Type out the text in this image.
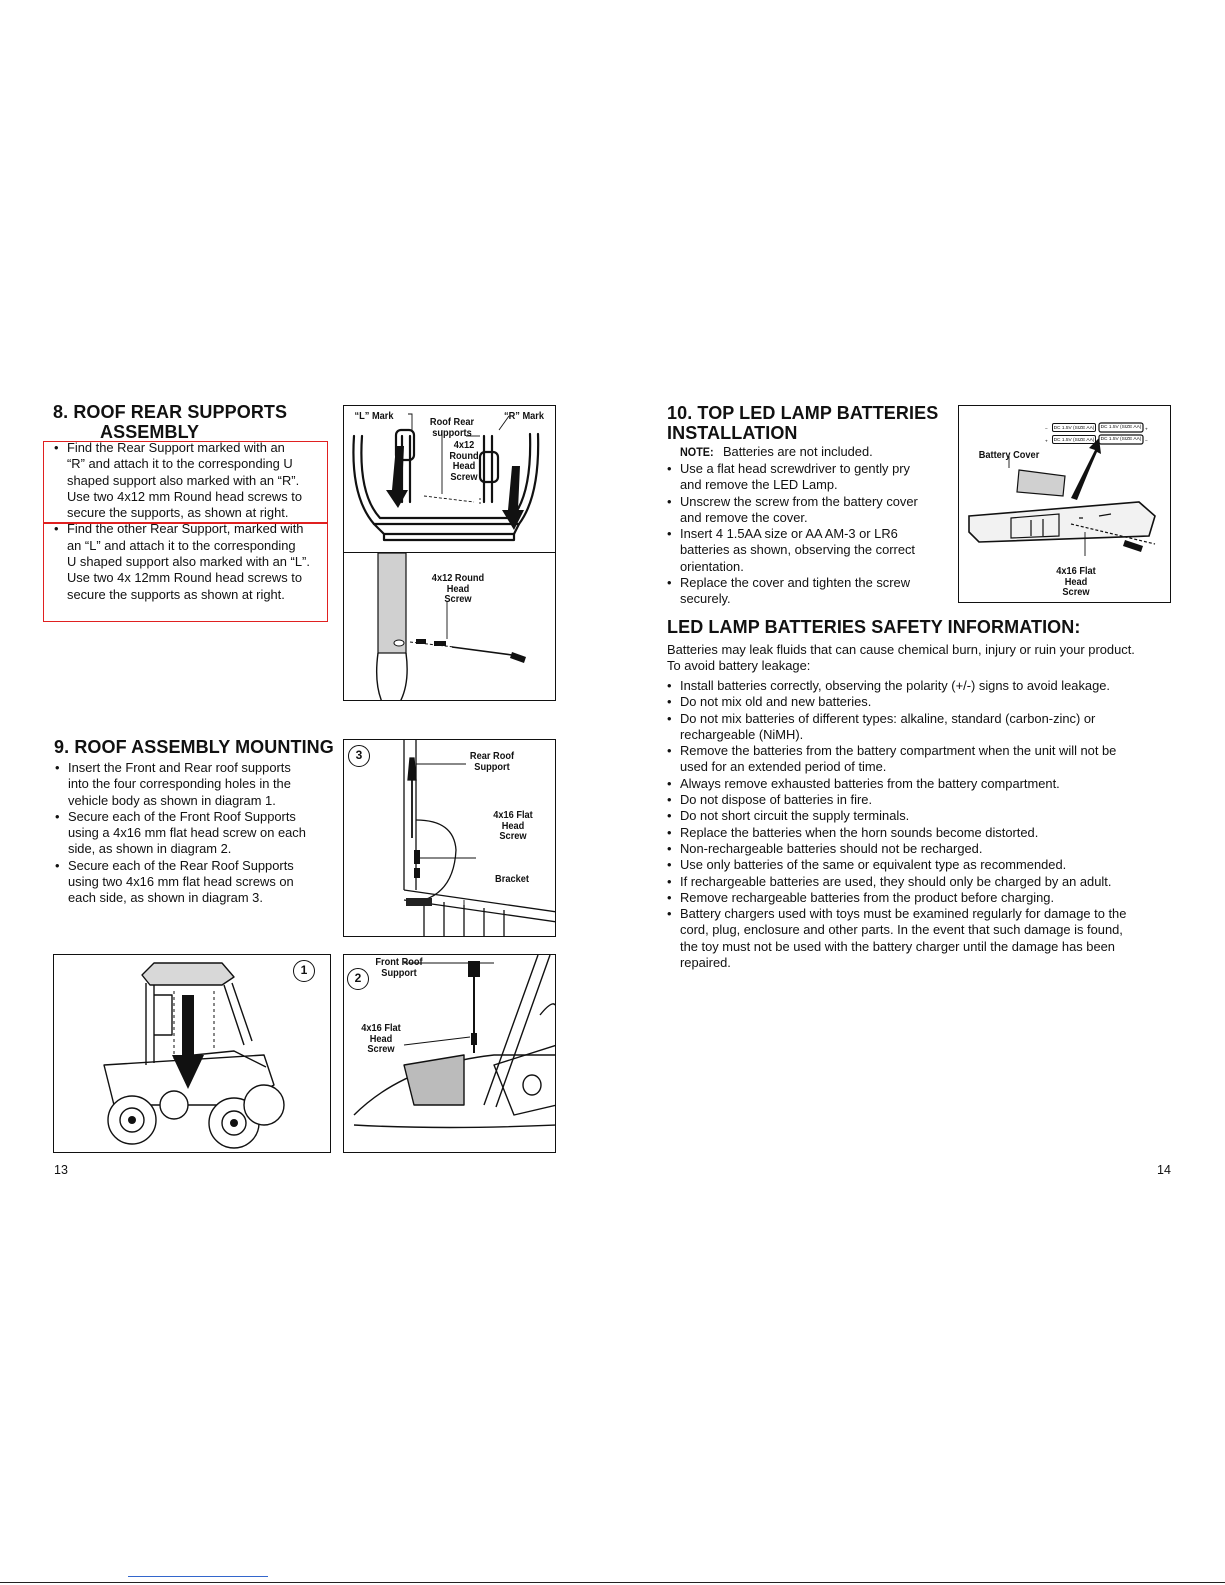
8. ROOF REAR SUPPORTS
ASSEMBLY
• Find the Rear Support marked with an
“R” and attach it to the corresponding U
shaped support also marked with an “R”.
Use two 4x12 mm Round head screws to
secure the supports, as shown at right.
• Find the other Rear Support, marked with
an “L” and attach it to the corresponding
U shaped support also marked with an “L”.
Use two 4x 12mm Round head screws to
secure the supports as shown at right.
“L” Mark	“R” Mark
Roof Rear
supports
4x12
Round
Head
Screw
4x12 Round
Head
Screw
9. ROOF ASSEMBLY MOUNTING
• Insert the Front and Rear roof supports
into the four corresponding holes in the
vehicle body as shown in diagram 1.
• Secure each of the Front Roof Supports
using a 4x16 mm flat head screw on each
side, as shown in diagram 2.
• Secure each of the Rear Roof Supports
using two 4x16 mm flat head screws on
each side, as shown in diagram 3.
3	Rear Roof
Support
4x16 Flat
Head
Screw
Bracket
1
2
Front Roof
Support
4x16 Flat
Head
Screw
13
10. TOP LED LAMP BATTERIES
INSTALLATION
NOTE: Batteries are not included.
• Use a flat head screwdriver to gently pry
and remove the LED Lamp.
• Unscrew the screw from the battery cover
and remove the cover.
• Insert 4 1.5AA size or AA AM-3 or LR6
batteries as shown, observing the correct
orientation.
• Replace the cover and tighten the screw
securely.
−	+
+	−
DC 1.5V (SIZE AA)
DC 1.5V (SIZE AA)
DC 1.5V (SIZE AA)
DC 1.5V (SIZE AA)
Battery Cover
4x16 Flat
Head
Screw
LED LAMP BATTERIES SAFETY INFORMATION:
Batteries may leak fluids that can cause chemical burn, injury or ruin your product.
To avoid battery leakage:
• Install batteries correctly, observing the polarity (+/-) signs to avoid leakage.
• Do not mix old and new batteries.
• Do not mix batteries of different types: alkaline, standard (carbon-zinc) or
rechargeable (NiMH).
• Remove the batteries from the battery compartment when the unit will not be
used for an extended period of time.
• Always remove exhausted batteries from the battery compartment.
• Do not dispose of batteries in fire.
• Do not short circuit the supply terminals.
• Replace the batteries when the horn sounds become distorted.
• Non-rechargeable batteries should not be recharged.
• Use only batteries of the same or equivalent type as recommended.
• If rechargeable batteries are used, they should only be charged by an adult.
• Remove rechargeable batteries from the product before charging.
• Battery chargers used with toys must be examined regularly for damage to the
cord, plug, enclosure and other parts. In the event that such damage is found,
the toy must not be used with the battery charger until the damage has been
repaired.
14
